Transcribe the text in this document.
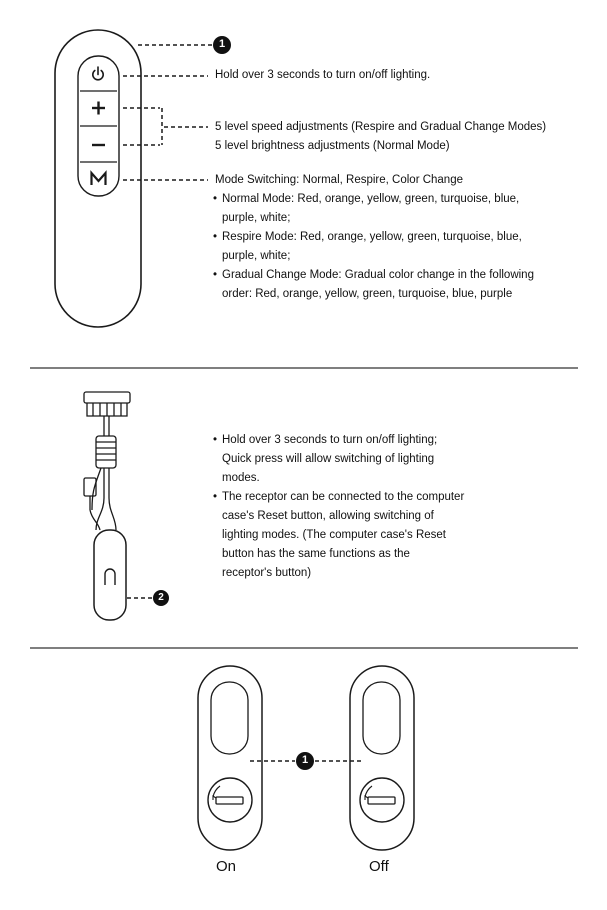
1
2
1
Hold over 3 seconds to turn on/off lighting.
5 level speed adjustments (Respire and Gradual Change Modes)
5 level brightness adjustments (Normal Mode)
Mode Switching: Normal, Respire, Color Change
• Normal Mode: Red, orange, yellow, green, turquoise, blue,
purple, white;
• Respire Mode: Red, orange, yellow, green, turquoise, blue,
purple, white;
• Gradual Change Mode: Gradual color change in the following
order: Red, orange, yellow, green, turquoise, blue, purple
• Hold over 3 seconds to turn on/off lighting;
Quick press will allow switching of lighting
modes.
• The receptor can be connected to the computer
case's Reset button, allowing switching of
lighting modes. (The computer case's Reset
button has the same functions as the
receptor's button)
On	Off
